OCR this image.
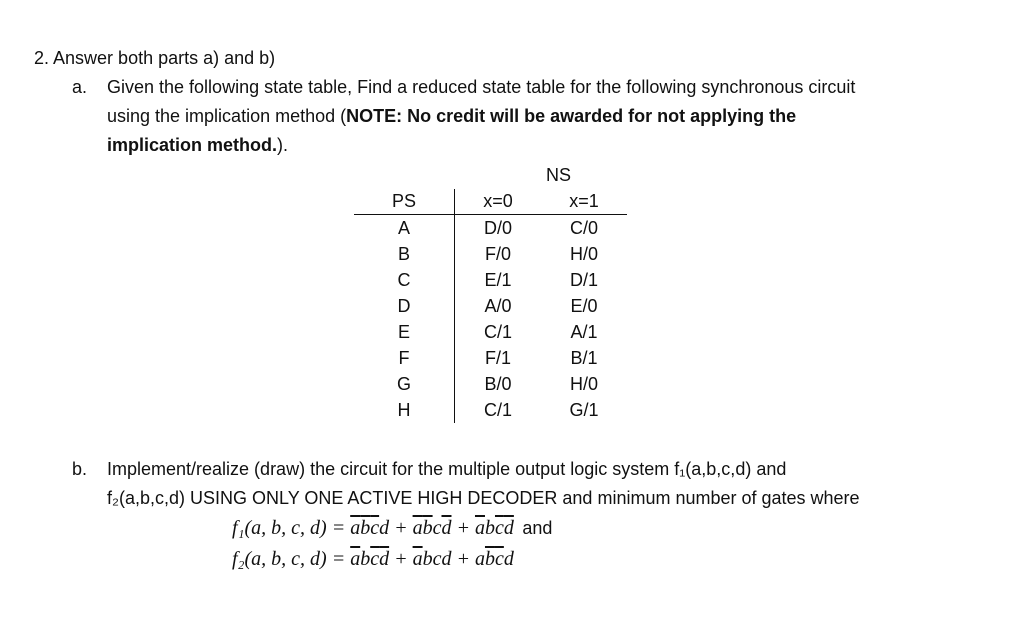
2. Answer both parts a) and b)
a. Given the following state table, Find a reduced state table for the following synchronous circuit
using the implication method (NOTE: No credit will be awarded for not applying the
implication method.).
NS
PS	x=0	x=1
A	D/0	C/0
B	F/0	H/0
C	E/1	D/1
D	A/0	E/0
E	C/1	A/1
F	F/1	B/1
G	B/0	H/0
H	C/1	G/1
b. Implement/realize (draw) the circuit for the multiple output logic system f₁(a,b,c,d) and
f₂(a,b,c,d) USING ONLY ONE ACTIVE HIGH DECODER and minimum number of gates where
f₁(a, b, c, $d) = \overline{a}\overline{b}\overline{c}d + \overline{a}\overline{b}c\overline{d} + \overline{a}b\overline{c}\overline{d}$ and
f₂(a, b, c, $d) = \overline{a}b\overline{c}\overline{d} + \overline{a}bcd + a\overline{b}\overline{c}d$
